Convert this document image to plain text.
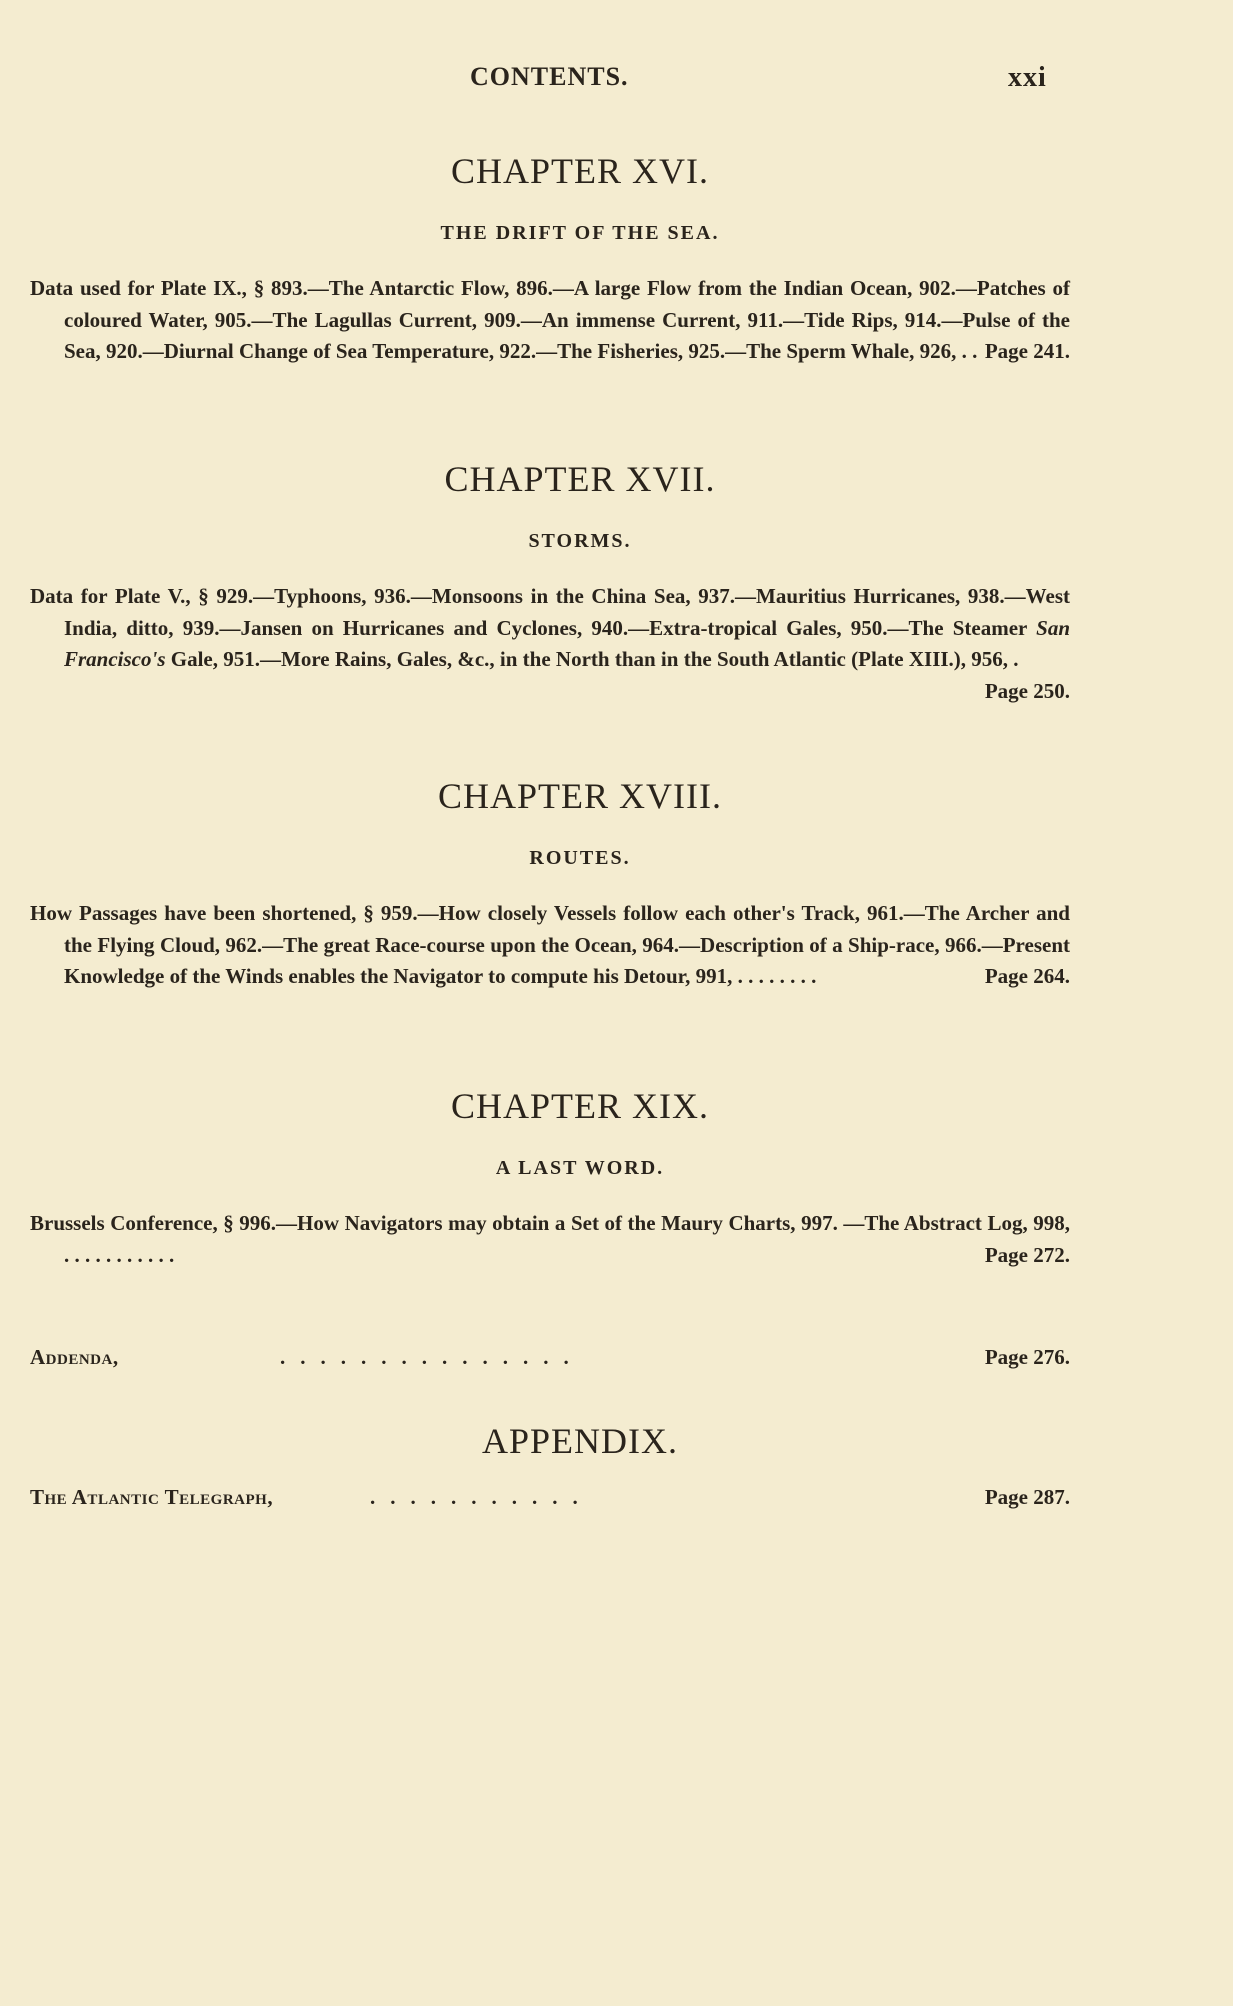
CONTENTS.	xxi
CHAPTER XVI.
THE DRIFT OF THE SEA.
Data used for Plate IX., § 893.—The Antarctic Flow, 896.—A large Flow from the Indian Ocean, 902.—Patches of coloured Water, 905.—The Lagullas Current, 909.—An immense Current, 911.—Tide Rips, 914.—Pulse of the Sea, 920.—Diurnal Change of Sea Temperature, 922.—The Fisheries, 925.—The Sperm Whale, 926, . . Page 241.
CHAPTER XVII.
STORMS.
Data for Plate V., § 929.—Typhoons, 936.—Monsoons in the China Sea, 937.—Mauritius Hurricanes, 938.—West India, ditto, 939.—Jansen on Hurricanes and Cyclones, 940.—Extra-tropical Gales, 950.—The Steamer San Francisco's Gale, 951.—More Rains, Gales, &c., in the North than in the South Atlantic (Plate XIII.), 956, .
Page 250.
CHAPTER XVIII.
ROUTES.
How Passages have been shortened, § 959.—How closely Vessels follow each other's Track, 961.—The Archer and the Flying Cloud, 962.—The great Race-course upon the Ocean, 964.—Description of a Ship-race, 966.—Present Knowledge of the Winds enables the Navigator to compute his Detour, 991, . . . . . . . .	Page 264.
CHAPTER XIX.
A LAST WORD.
Brussels Conference, § 996.—How Navigators may obtain a Set of the Maury Charts, 997. —The Abstract Log, 998, . . . . . . . . . . .	Page 272.
Addenda,	...............	Page 276.
APPENDIX.
The Atlantic Telegraph,	...........	Page 287.
